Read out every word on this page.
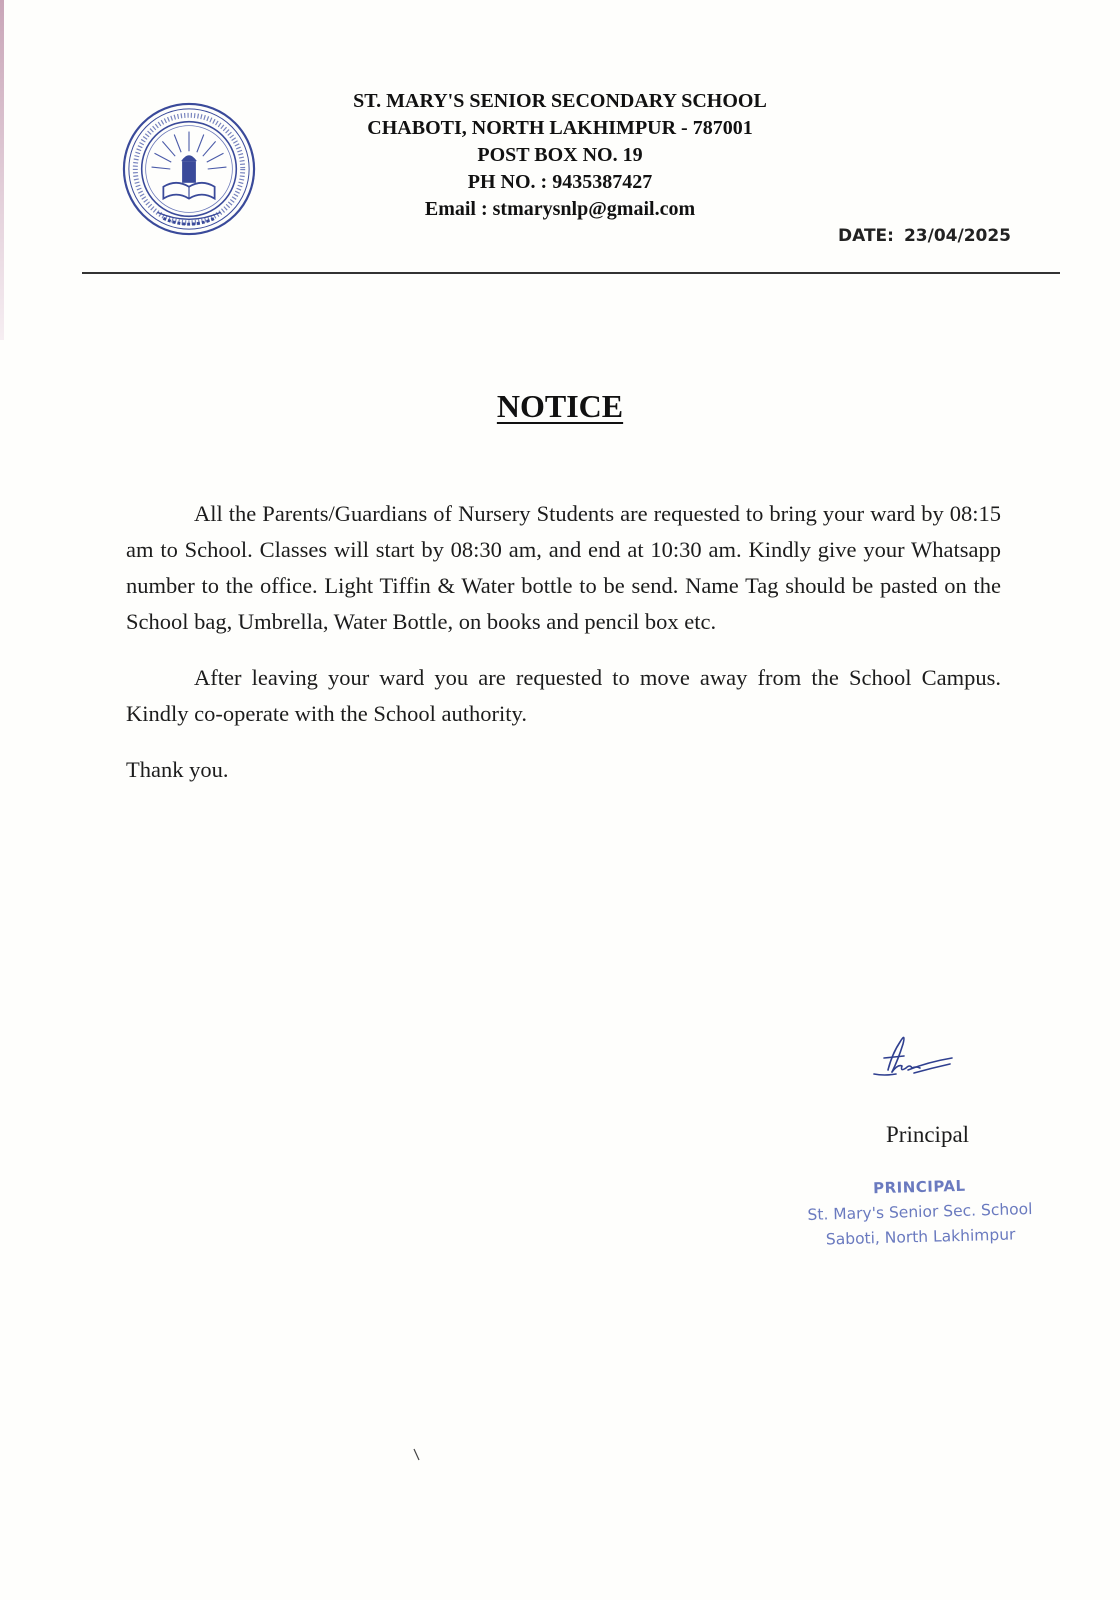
ST. MARY'S SENIOR SECONDARY SCHOOL
CHABOTI, NORTH LAKHIMPUR - 787001
POST BOX NO. 19
PH NO. : 9435387427
Email : stmarysnlp@gmail.com
DATE: 23/04/2025
NOTICE

All the Parents/Guardians of Nursery Students are requested to bring your ward by 08:15 am to School. Classes will start by 08:30 am, and end at 10:30 am. Kindly give your Whatsapp number to the office. Light Tiffin & Water bottle to be send. Name Tag should be pasted on the School bag, Umbrella, Water Bottle, on books and pencil box etc.

After leaving your ward you are requested to move away from the School Campus. Kindly co-operate with the School authority.

Thank you.

Principal
PRINCIPAL
St. Mary's Senior Sec. School
Saboti, North Lakhimpur
